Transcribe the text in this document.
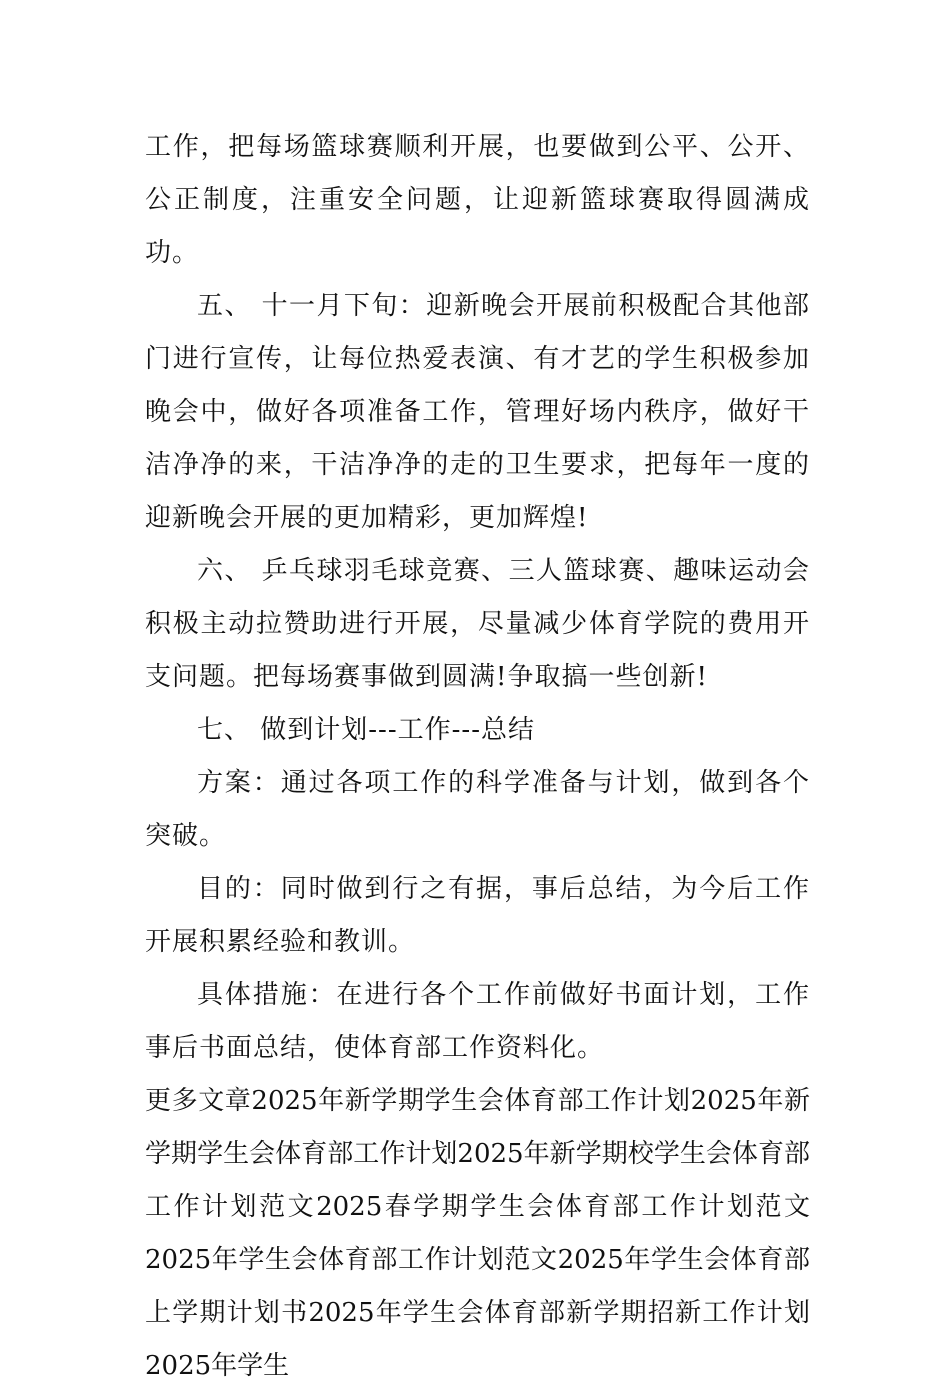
工作，把每场篮球赛顺利开展，也要做到公平、公开、公正制度，注重安全问题，让迎新篮球赛取得圆满成功。

五、 十一月下旬：迎新晚会开展前积极配合其他部门进行宣传，让每位热爱表演、有才艺的学生积极参加晚会中，做好各项准备工作，管理好场内秩序，做好干洁净净的来，干洁净净的走的卫生要求，把每年一度的迎新晚会开展的更加精彩，更加辉煌!

六、 乒乓球羽毛球竞赛、三人篮球赛、趣味运动会积极主动拉赞助进行开展，尽量减少体育学院的费用开支问题。把每场赛事做到圆满!争取搞一些创新!

七、 做到计划---工作---总结

方案：通过各项工作的科学准备与计划，做到各个突破。

目的：同时做到行之有据，事后总结，为今后工作开展积累经验和教训。

具体措施：在进行各个工作前做好书面计划，工作事后书面总结，使体育部工作资料化。

更多文章2025年新学期学生会体育部工作计划2025年新学期学生会体育部工作计划2025年新学期校学生会体育部工作计划范文2025春学期学生会体育部工作计划范文2025年学生会体育部工作计划范文2025年学生会体育部上学期计划书2025年学生会体育部新学期招新工作计划2025年学生
